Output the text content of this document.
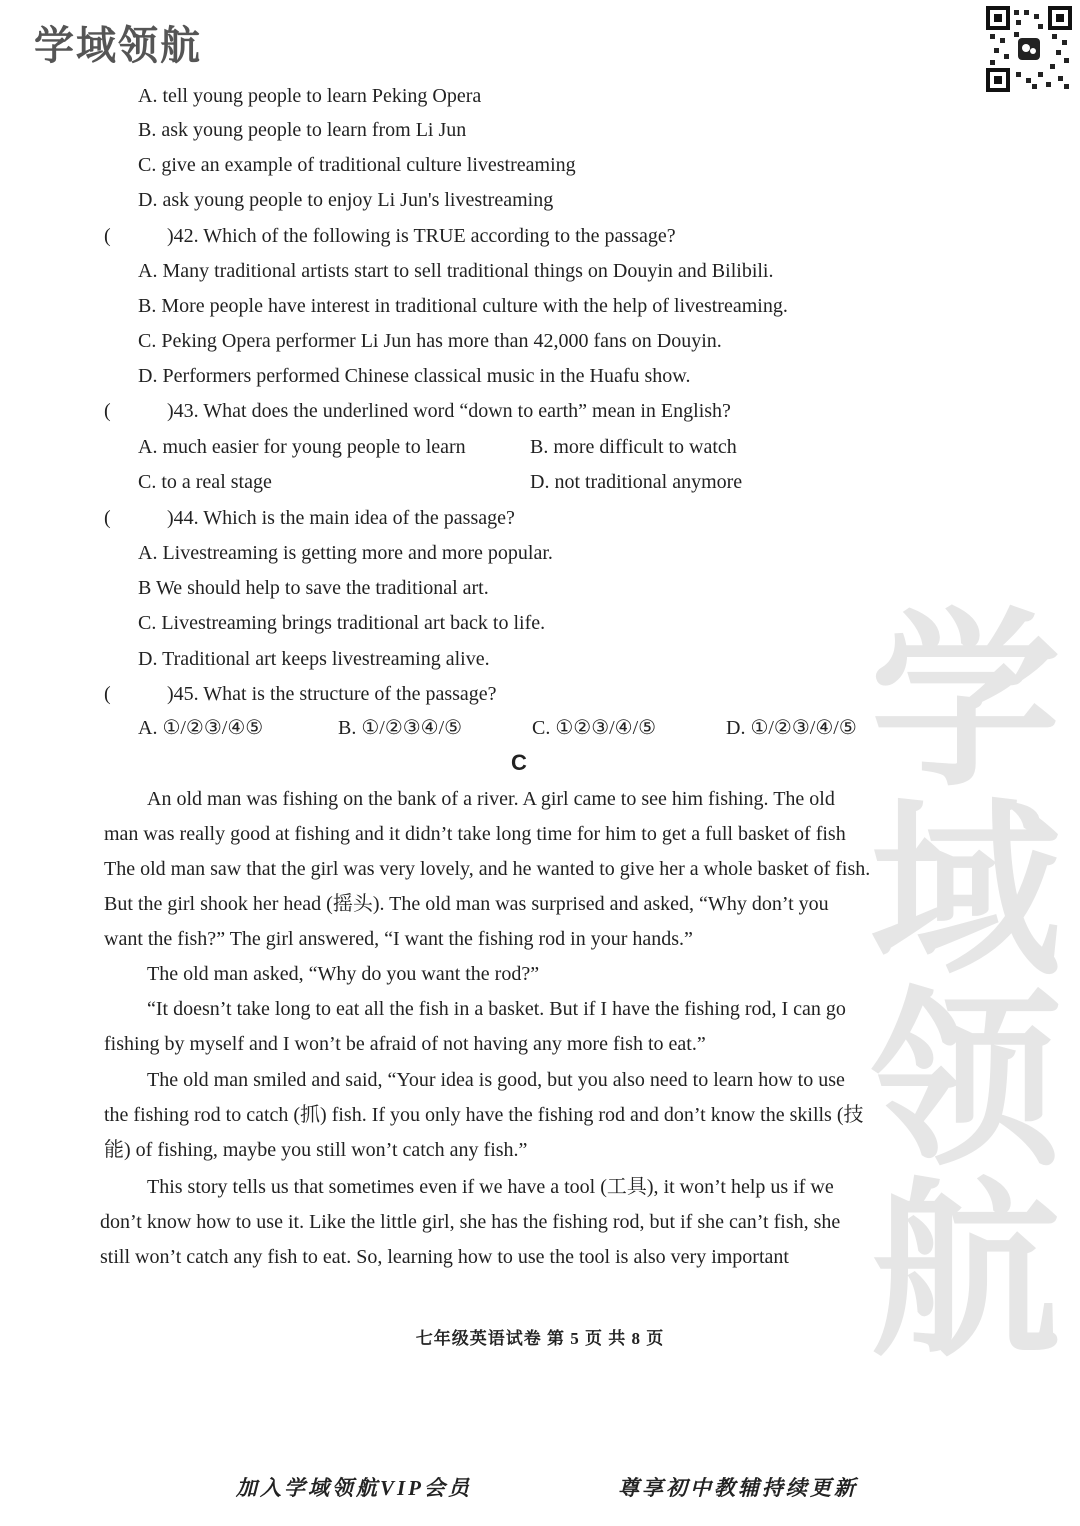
学域领航
学域领航
A. tell young people to learn Peking Opera
B. ask young people to learn from Li Jun
C. give an example of traditional culture livestreaming
D. ask young people to enjoy Li Jun's livestreaming
(	)42. Which of the following is TRUE according to the passage?
A. Many traditional artists start to sell traditional things on Douyin and Bilibili.
B. More people have interest in traditional culture with the help of livestreaming.
C. Peking Opera performer Li Jun has more than 42,000 fans on Douyin.
D. Performers performed Chinese classical music in the Huafu show.
(	)43. What does the underlined word “down to earth” mean in English?
A. much easier for young people to learn	B. more difficult to watch
C. to a real stage	D. not traditional anymore
(	)44. Which is the main idea of the passage?
A. Livestreaming is getting more and more popular.
B We should help to save the traditional art.
C. Livestreaming brings traditional art back to life.
D. Traditional art keeps livestreaming alive.
(	)45. What is the structure of the passage?
A. ①/②③/④⑤	B. ①/②③④/⑤	C. ①②③/④/⑤	D. ①/②③/④/⑤
C
An old man was fishing on the bank of a river. A girl came to see him fishing. The old
man was really good at fishing and it didn’t take long time for him to get a full basket of fish
The old man saw that the girl was very lovely, and he wanted to give her a whole basket of fish.
But the girl shook her head (摇头). The old man was surprised and asked, “Why don’t you
want the fish?” The girl answered, “I want the fishing rod in your hands.”
The old man asked, “Why do you want the rod?”
“It doesn’t take long to eat all the fish in a basket. But if I have the fishing rod, I can go
fishing by myself and I won’t be afraid of not having any more fish to eat.”
The old man smiled and said, “Your idea is good, but you also need to learn how to use
the fishing rod to catch (抓) fish. If you only have the fishing rod and don’t know the skills (技
能) of fishing, maybe you still won’t catch any fish.”
This story tells us that sometimes even if we have a tool (工具), it won’t help us if we
don’t know how to use it. Like the little girl, she has the fishing rod, but if she can’t fish, she
still won’t catch any fish to eat. So, learning how to use the tool is also very important
七年级英语试卷 第 5 页 共 8 页
加入学域领航VIP会员	尊享初中教辅持续更新
